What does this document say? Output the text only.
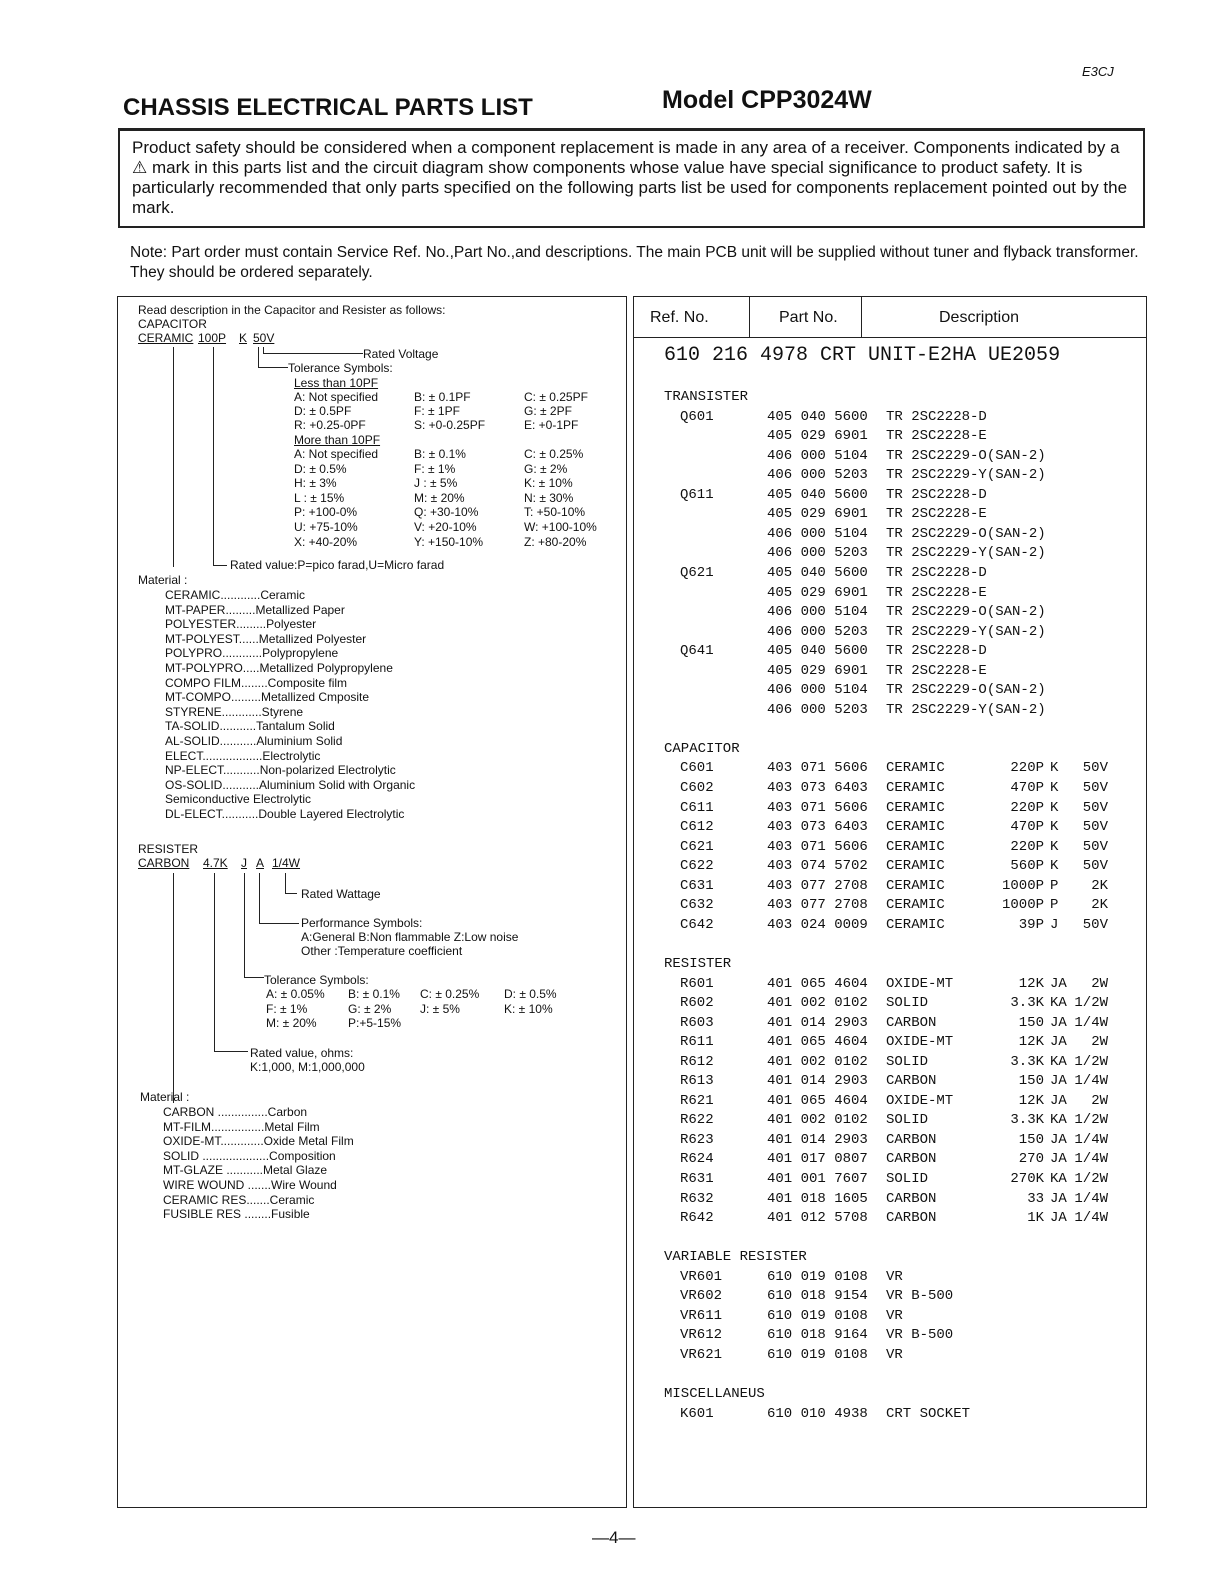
E3CJ
CHASSIS ELECTRICAL PARTS LIST	Model CPP3024W
Product safety should be considered when a component replacement is made in any area of a receiver. Components indicated by a ⚠ mark in this parts list and the circuit diagram show components whose value have special significance to product safety. It is particularly recommended that only parts specified on the following parts list be used for components replacement pointed out by the mark.
Note: Part order must contain Service Ref. No.,Part No.,and descriptions. The main PCB unit will be supplied without tuner and flyback transformer. They should be ordered separately.
Read description in the Capacitor and Resister as follows:
CAPACITOR
CERAMIC 100P K 50V
Rated Voltage
Tolerance Symbols:
Less than 10PF
A: Not specified	B: ± 0.1PF	C: ± 0.25PF
D: ± 0.5PF	F: ± 1PF	G: ± 2PF
R: +0.25-0PF	S: +0-0.25PF	E: +0-1PF
More than 10PF
A: Not specified	B: ± 0.1%	C: ± 0.25%
D: ± 0.5%	F: ± 1%	G: ± 2%
H: ± 3%	J : ± 5%	K: ± 10%
L : ± 15%	M: ± 20%	N: ± 30%
P: +100-0%	Q: +30-10%	T: +50-10%
U: +75-10%	V: +20-10%	W: +100-10%
X: +40-20%	Y: +150-10%	Z: +80-20%
Rated value:P=pico farad,U=Micro farad
Material :
CERAMIC............Ceramic
MT-PAPER.........Metallized Paper
POLYESTER.........Polyester
MT-POLYEST......Metallized Polyester
POLYPRO............Polypropylene
MT-POLYPRO.....Metallized Polypropylene
COMPO FILM........Composite film
MT-COMPO.........Metallized Cmposite
STYRENE............Styrene
TA-SOLID...........Tantalum Solid
AL-SOLID...........Aluminium Solid
ELECT..................Electrolytic
NP-ELECT...........Non-polarized Electrolytic
OS-SOLID...........Aluminium Solid with Organic
Semiconductive Electrolytic
DL-ELECT...........Double Layered Electrolytic
RESISTER
CARBON 4.7K J A 1/4W
Rated Wattage
Performance Symbols:
A:General B:Non flammable Z:Low noise
Other :Temperature coefficient
Tolerance Symbols:
A: ± 0.05% B: ± 0.1% C: ± 0.25% D: ± 0.5%
F: ± 1%	G: ± 2% J: ± 5%	K: ± 10%
M: ± 20%	P:+5-15%
Rated value, ohms:
K:1,000, M:1,000,000
Material :
CARBON ...............Carbon
MT-FILM................Metal Film
OXIDE-MT.............Oxide Metal Film
SOLID ....................Composition
MT-GLAZE ...........Metal Glaze
WIRE WOUND .......Wire Wound
CERAMIC RES.......Ceramic
FUSIBLE RES ........Fusible
Ref. No.	Part No.	Description
610 216 4978 CRT UNIT-E2HA UE2059
TRANSISTER
Q601	405 040 5600 TR 2SC2228-D
405 029 6901 TR 2SC2228-E
406 000 5104 TR 2SC2229-O(SAN-2)
406 000 5203 TR 2SC2229-Y(SAN-2)
Q611	405 040 5600 TR 2SC2228-D
405 029 6901 TR 2SC2228-E
406 000 5104 TR 2SC2229-O(SAN-2)
406 000 5203 TR 2SC2229-Y(SAN-2)
Q621	405 040 5600 TR 2SC2228-D
405 029 6901 TR 2SC2228-E
406 000 5104 TR 2SC2229-O(SAN-2)
406 000 5203 TR 2SC2229-Y(SAN-2)
Q641	405 040 5600 TR 2SC2228-D
405 029 6901 TR 2SC2228-E
406 000 5104 TR 2SC2229-O(SAN-2)
406 000 5203 TR 2SC2229-Y(SAN-2)
CAPACITOR
C601	403 071 5606 CERAMIC	220P K 50V
C602	403 073 6403 CERAMIC	470P K 50V
C611	403 071 5606 CERAMIC	220P K 50V
C612	403 073 6403 CERAMIC	470P K 50V
C621	403 071 5606 CERAMIC	220P K 50V
C622	403 074 5702 CERAMIC	560P K 50V
C631	403 077 2708 CERAMIC	1000P P 2K
C632	403 077 2708 CERAMIC	1000P P 2K
C642	403 024 0009 CERAMIC	39P J 50V
RESISTER
R601	401 065 4604 OXIDE-MT	12K JA 2W
R602	401 002 0102 SOLID	3.3K KA 1/2W
R603	401 014 2903 CARBON	150 JA 1/4W
R611	401 065 4604 OXIDE-MT	12K JA 2W
R612	401 002 0102 SOLID	3.3K KA 1/2W
R613	401 014 2903 CARBON	150 JA 1/4W
R621	401 065 4604 OXIDE-MT	12K JA 2W
R622	401 002 0102 SOLID	3.3K KA 1/2W
R623	401 014 2903 CARBON	150 JA 1/4W
R624	401 017 0807 CARBON	270 JA 1/4W
R631	401 001 7607 SOLID	270K KA 1/2W
R632	401 018 1605 CARBON	33 JA 1/4W
R642	401 012 5708 CARBON	1K JA 1/4W
VARIABLE RESISTER
VR601	610 019 0108 VR
VR602	610 018 9154 VR B-500
VR611	610 019 0108 VR
VR612	610 018 9164 VR B-500
VR621	610 019 0108 VR
MISCELLANEUS
K601	610 010 4938 CRT SOCKET
—4—
